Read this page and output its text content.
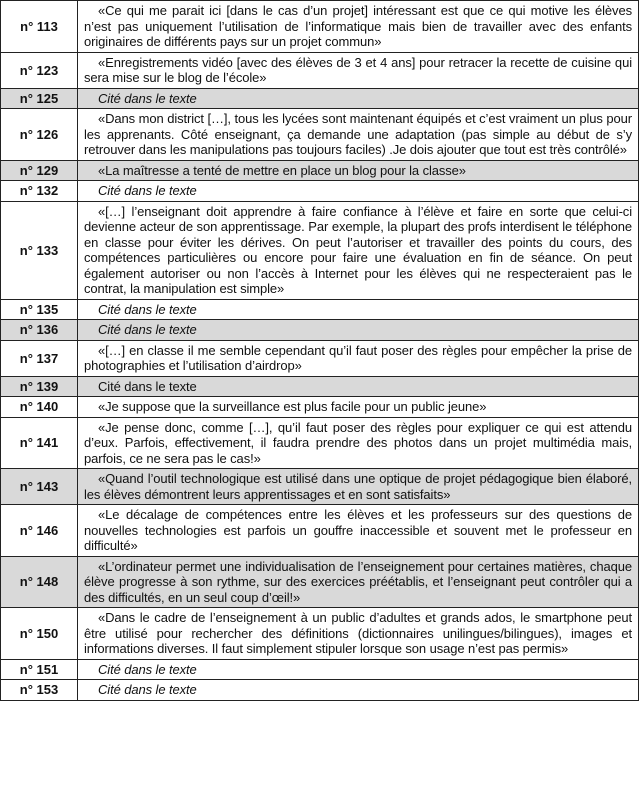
n° 113	«Ce qui me parait ici [dans le cas d’un projet] intéressant est que ce qui motive les élèves n’est pas uniquement l’utilisation de l’informatique mais bien de travailler avec des enfants originaires de différents pays sur un projet commun»
n° 123	«Enregistrements vidéo [avec des élèves de 3 et 4 ans] pour retracer la recette de cuisine qui sera mise sur le blog de l’école»
n° 125	Cité dans le texte
n° 126	«Dans mon district […], tous les lycées sont maintenant équipés et c’est vraiment un plus pour les apprenants. Côté enseignant, ça demande une adaptation (pas simple au début de s’y retrouver dans les manipulations pas toujours faciles) .Je dois ajouter que tout est très contrôlé»
n° 129	«La maîtresse a tenté de mettre en place un blog pour la classe»
n° 132	Cité dans le texte
n° 133	«[…] l’enseignant doit apprendre à faire confiance à l’élève et faire en sorte que celui-ci devienne acteur de son apprentissage. Par exemple, la plupart des profs interdisent le téléphone en classe pour éviter les dérives. On peut l’autoriser et travailler des points du cours, des compétences particulières ou encore pour faire une évaluation en fin de séance. On peut également autoriser ou non l’accès à Internet pour les élèves qui ne respecteraient pas le contrat, la manipulation est simple»
n° 135	Cité dans le texte
n° 136	Cité dans le texte
n° 137	«[…] en classe il me semble cependant qu’il faut poser des règles pour empêcher la prise de photographies et l’utilisation d’airdrop»
n° 139	Cité dans le texte
n° 140	«Je suppose que la surveillance est plus facile pour un public jeune»
n° 141	«Je pense donc, comme […], qu’il faut poser des règles pour expliquer ce qui est attendu d’eux. Parfois, effectivement, il faudra prendre des photos dans un projet multimédia mais, parfois, ce ne sera pas le cas!»
n° 143	«Quand l’outil technologique est utilisé dans une optique de projet pédagogique bien élaboré, les élèves démontrent leurs apprentissages et en sont satisfaits»
n° 146	«Le décalage de compétences entre les élèves et les professeurs sur des questions de nouvelles technologies est parfois un gouffre inaccessible et souvent met le professeur en difficulté»
n° 148	«L’ordinateur permet une individualisation de l’enseignement pour certaines matières, chaque élève progresse à son rythme, sur des exercices préétablis, et l’enseignant peut contrôler qui a des difficultés, en un seul coup d’œil!»
n° 150	«Dans le cadre de l’enseignement à un public d’adultes et grands ados, le smartphone peut être utilisé pour rechercher des définitions (dictionnaires unilingues/bilingues), images et informations diverses. Il faut simplement stipuler lorsque son usage n’est pas permis»
n° 151	Cité dans le texte
n° 153	Cité dans le texte
